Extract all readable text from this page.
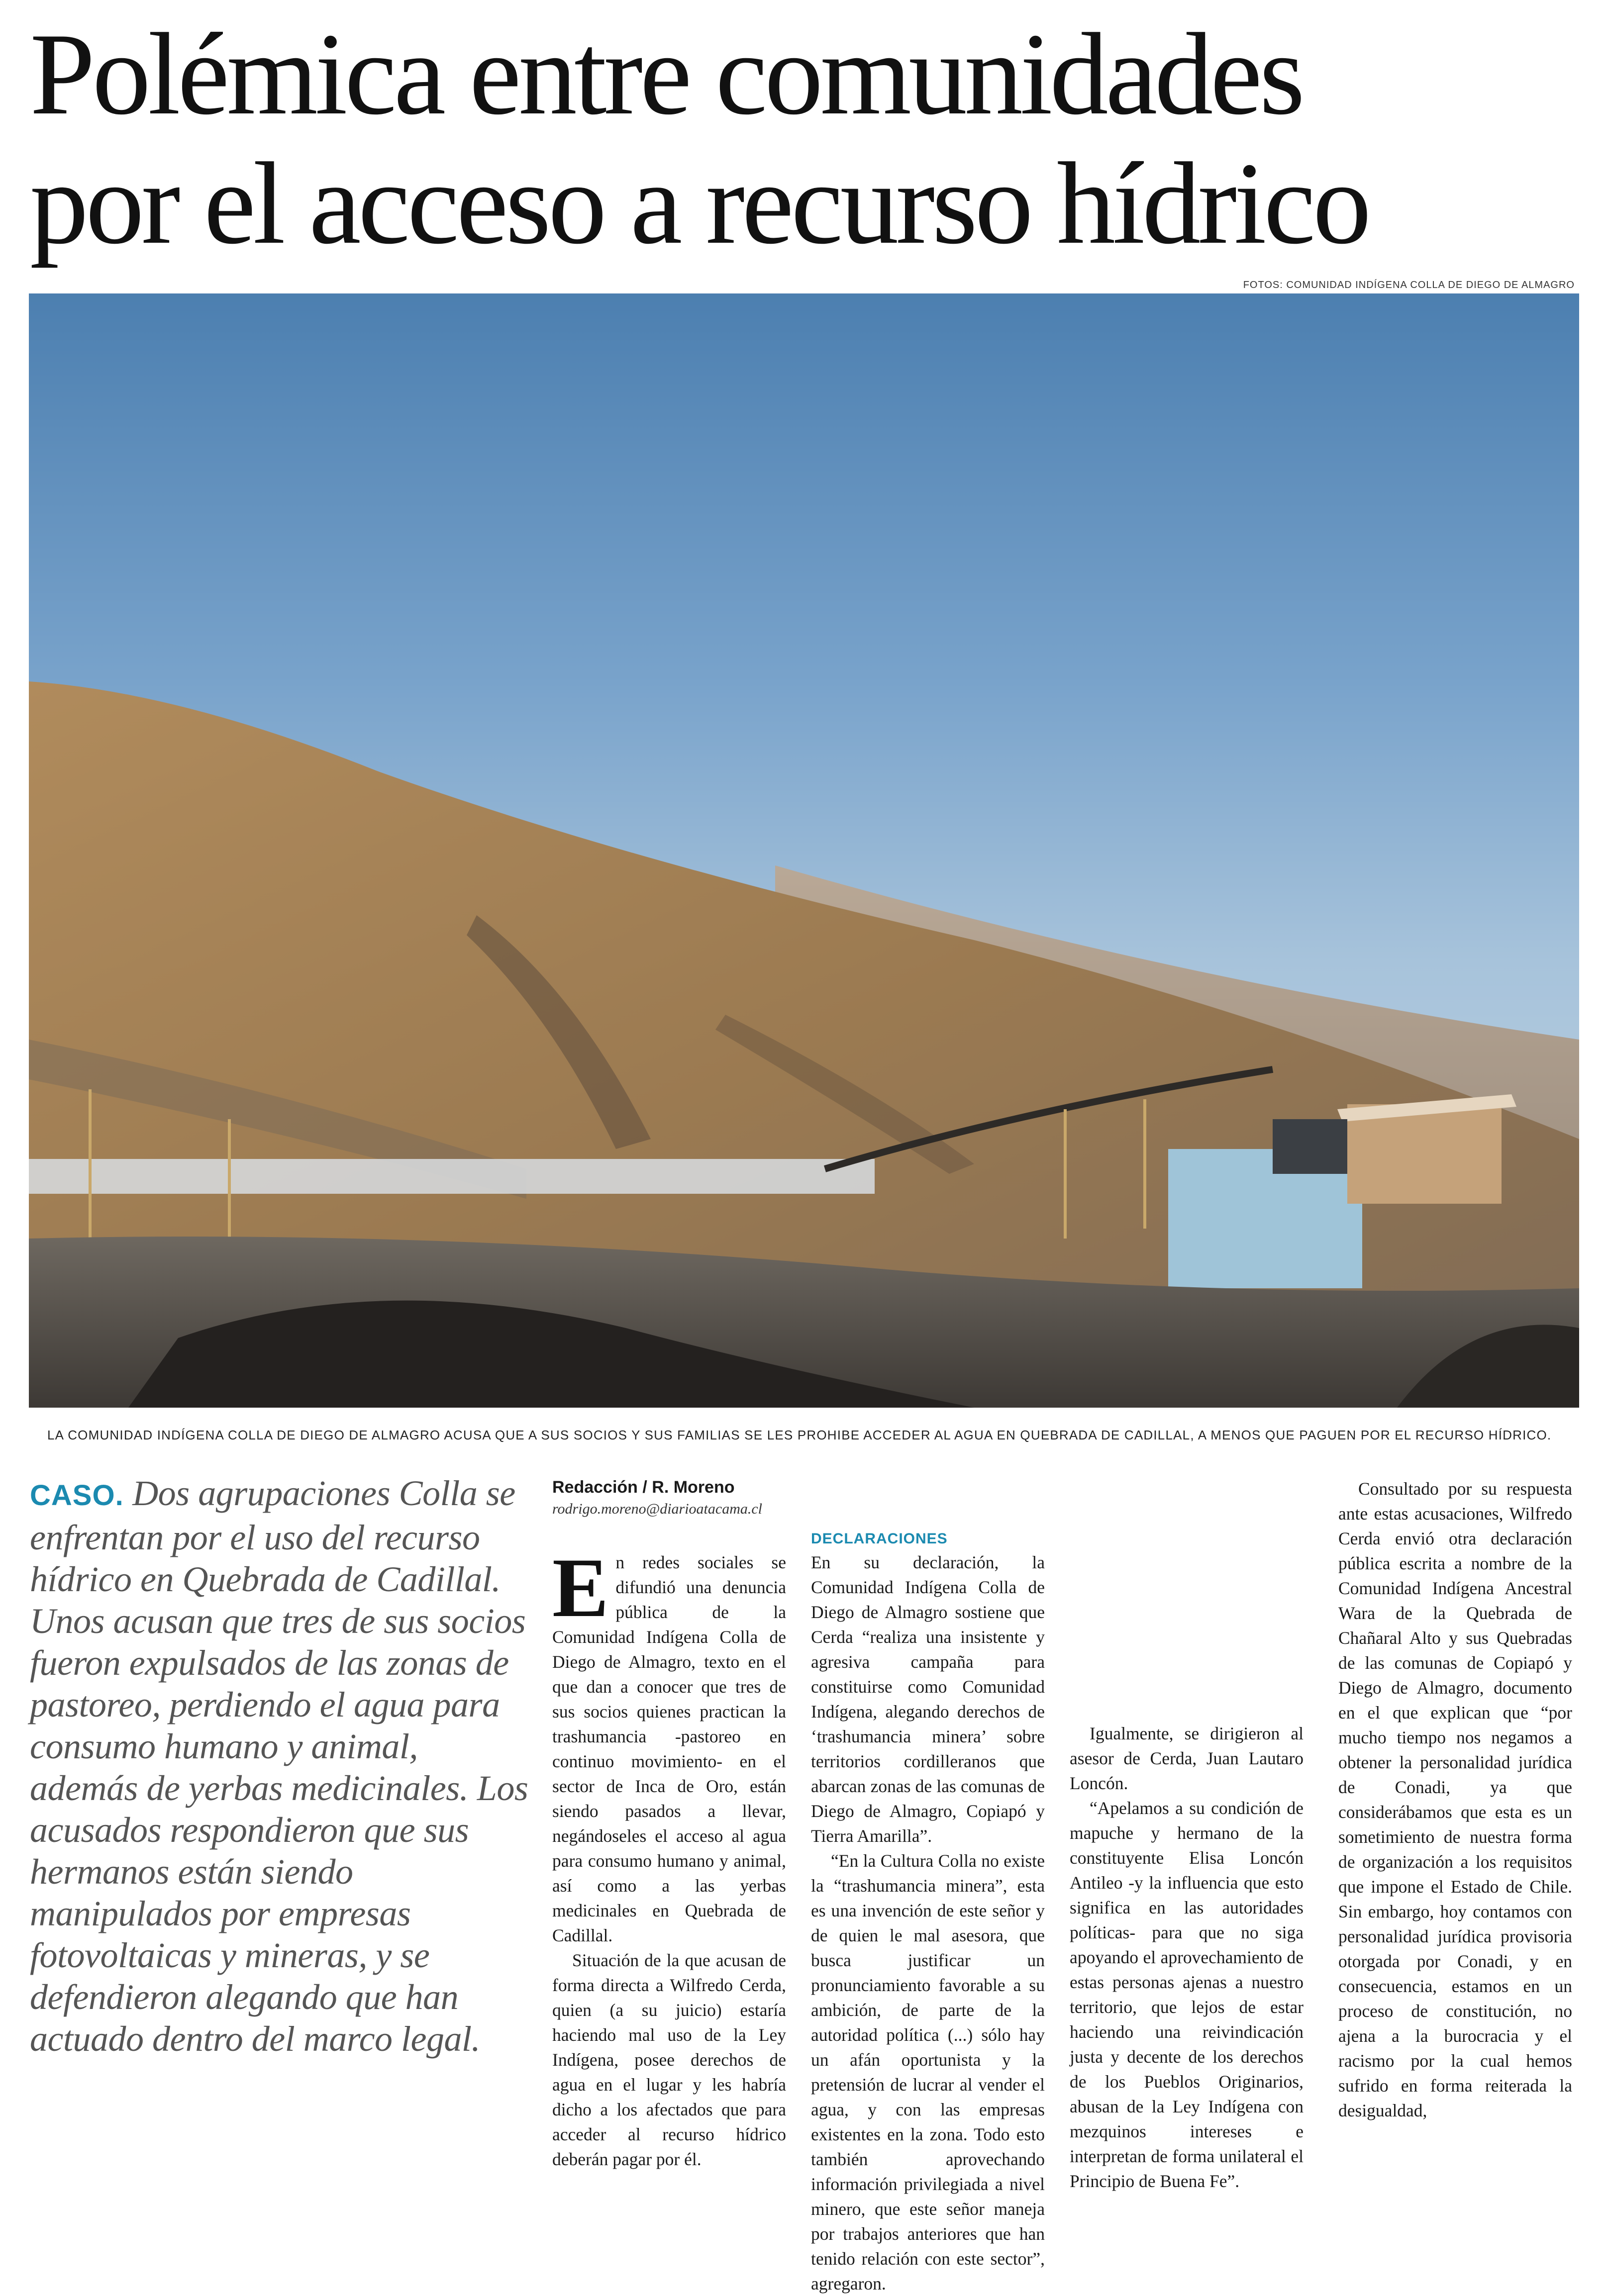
Polémica entre comunidades
por el acceso a recurso hídrico
FOTOS: COMUNIDAD INDÍGENA COLLA DE DIEGO DE ALMAGRO
LA COMUNIDAD INDÍGENA COLLA DE DIEGO DE ALMAGRO ACUSA QUE A SUS SOCIOS Y SUS FAMILIAS SE LES PROHIBE ACCEDER AL AGUA EN QUEBRADA DE CADILLAL, A MENOS QUE PAGUEN POR EL RECURSO HÍDRICO.
CASO. Dos agrupaciones Colla se enfrentan por el uso del recurso hídrico en Quebrada de Cadillal. Unos acusan que tres de sus socios fueron expulsados de las zonas de pastoreo, perdiendo el agua para consumo humano y animal, además de yerbas medicinales. Los acusados respondieron que sus hermanos están siendo manipulados por empresas fotovoltaicas y mineras, y se defendieron alegando que han actuado dentro del marco legal.
Redacción / R. Moreno
rodrigo.moreno@diarioatacama.cl

En redes sociales se difundió una denuncia pública de la Comunidad Indígena Colla de Diego de Almagro, texto en el que dan a conocer que tres de sus socios quienes practican la trashumancia -pastoreo en continuo movimiento- en el sector de Inca de Oro, están siendo pasados a llevar, negándoseles el acceso al agua para consumo humano y animal, así como a las yerbas medicinales en Quebrada de Cadillal.

Situación de la que acusan de forma directa a Wilfredo Cerda, quien (a su juicio) estaría haciendo mal uso de la Ley Indígena, posee derechos de agua en el lugar y les habría dicho a los afectados que para acceder al recurso hídrico deberán pagar por él.

DECLARACIONES

En su declaración, la Comunidad Indígena Colla de Diego de Almagro sostiene que Cerda “realiza una insistente y agresiva campaña para constituirse como Comunidad Indígena, alegando derechos de ‘trashumancia minera’ sobre territorios cordilleranos que abarcan zonas de las comunas de Diego de Almagro, Copiapó y Tierra Amarilla”.

“En la Cultura Colla no existe la “trashumancia minera”, esta es una invención de este señor y de quien le mal asesora, que busca justificar un pronunciamiento favorable a su ambición, de parte de la autoridad política (...) sólo hay un afán oportunista y la pretensión de lucrar al vender el agua, y con las empresas existentes en la zona. Todo esto también aprovechando información privilegiada a nivel minero, que este señor maneja por trabajos anteriores que han tenido relación con este sector”, agregaron.

Igualmente, se dirigieron al asesor de Cerda, Juan Lautaro Loncón.

“Apelamos a su condición de mapuche y hermano de la constituyente Elisa Loncón Antileo -y la influencia que esto significa en las autoridades políticas- para que no siga apoyando el aprovechamiento de estas personas ajenas a nuestro territorio, que lejos de estar haciendo una reivindicación justa y decente de los derechos de los Pueblos Originarios, abusan de la Ley Indígena con mezquinos intereses e interpretan de forma unilateral el Principio de Buena Fe”.

Consultado por su respuesta ante estas acusaciones, Wilfredo Cerda envió otra declaración pública escrita a nombre de la Comunidad Indígena Ancestral Wara de la Quebrada de Chañaral Alto y sus Quebradas de las comunas de Copiapó y Diego de Almagro, documento en el que explican que “por mucho tiempo nos negamos a obtener la personalidad jurídica de Conadi, ya que considerábamos que esta es un sometimiento de nuestra forma de organización a los requisitos que impone el Estado de Chile. Sin embargo, hoy contamos con personalidad jurídica provisoria otorgada por Conadi, y en consecuencia, estamos en un proceso de constitución, no ajena a la burocracia y el racismo por la cual hemos sufrido en forma reiterada la desigualdad,
